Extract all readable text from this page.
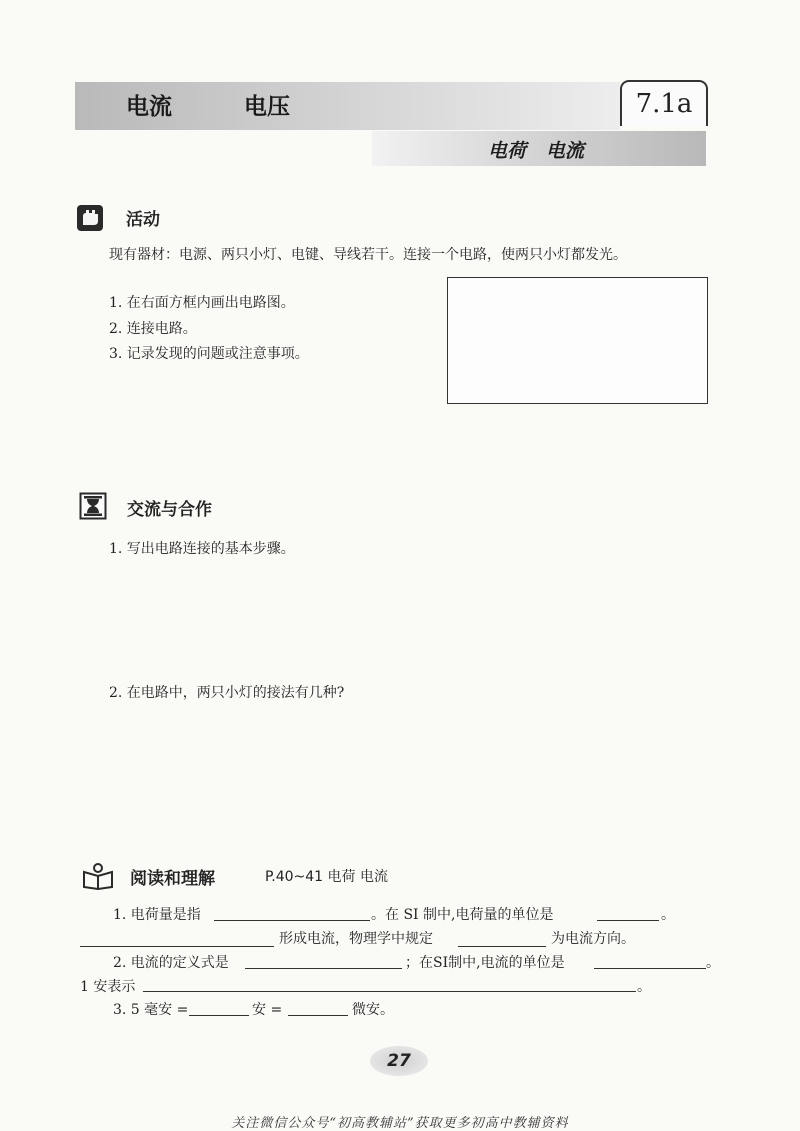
电流   电压	7.1a
电荷   电流
活动
现有器材：电源、两只小灯、电键、导线若干。连接一个电路，使两只小灯都发光。
1. 在右面方框内画出电路图。
2. 连接电路。
3. 记录发现的问题或注意事项。
交流与合作
1. 写出电路连接的基本步骤。
2. 在电路中，两只小灯的接法有几种?
阅读和理解	P.40~41 电荷 电流
1. 电荷量是指	。在 SI 制中,电荷量的单位是	。
形成电流，物理学中规定	为电流方向。
2. 电流的定义式是	；在SI制中,电流的单位是	。
1 安表示	。
3. 5 毫安 =	安 =	微安。
27
关注微信公众号“初高教辅站”获取更多初高中教辅资料
